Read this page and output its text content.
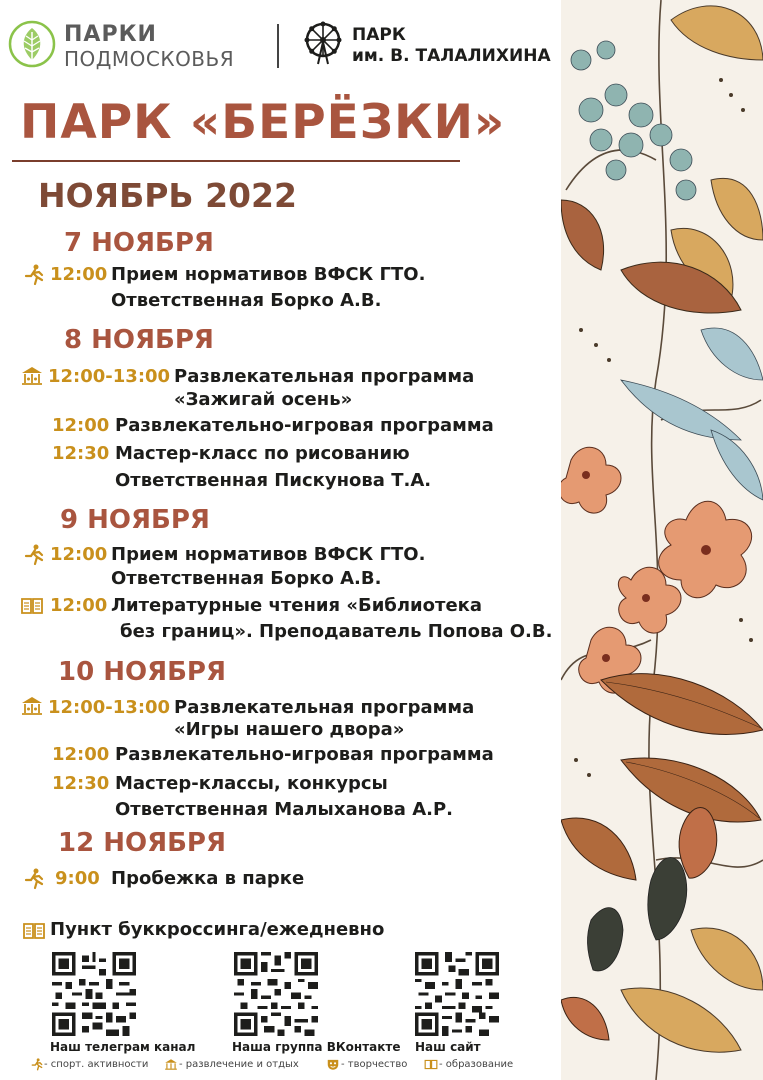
ПАРКИ
ПОДМОСКОВЬЯ
ПАРК
им. В. ТАЛАЛИХИНА
ПАРК «БЕРЁЗКИ»
НОЯБРЬ 2022
7 НОЯБРЯ
12:00 Прием нормативов ВФСК ГТО.
Ответственная Борко А.В.
8 НОЯБРЯ
12:00-13:00 Развлекательная программа
«Зажигай осень»
12:00 Развлекательно-игровая программа
12:30 Мастер-класс по рисованию
Ответственная Пискунова Т.А.
9 НОЯБРЯ
12:00 Прием нормативов ВФСК ГТО.
Ответственная Борко А.В.
12:00 Литературные чтения «Библиотека
без границ». Преподаватель Попова О.В.
10 НОЯБРЯ
12:00-13:00 Развлекательная программа
«Игры нашего двора»
12:00 Развлекательно-игровая программа
12:30 Мастер-классы, конкурсы
Ответственная Малыханова А.Р.
12 НОЯБРЯ
9:00 Пробежка в парке
Пункт буккроссинга/ежедневно
Наш телеграм канал	Наша группа ВКонтакте Наш сайт
- спорт. активности	- развлечение и отдых	- творчество	- образование
